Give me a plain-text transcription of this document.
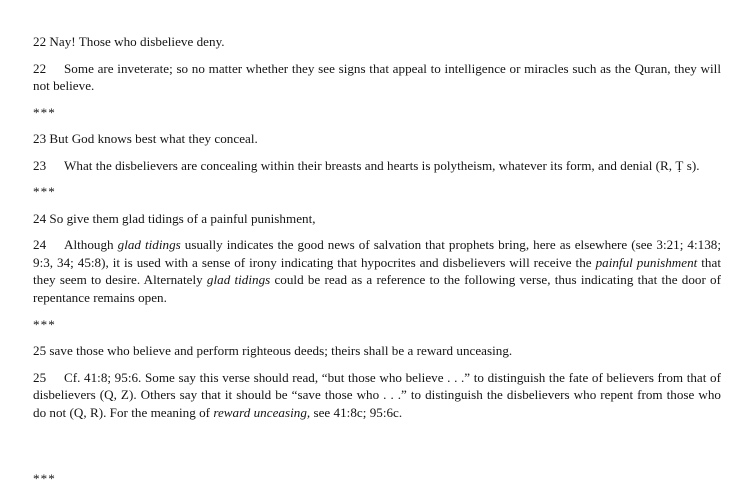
22 Nay! Those who disbelieve deny.

22 Some are inveterate; so no matter whether they see signs that appeal to intelligence or miracles such as the Quran, they will not believe.

***

23 But God knows best what they conceal.

23 What the disbelievers are concealing within their breasts and hearts is polytheism, whatever its form, and denial (R, Ṭ s).

***

24 So give them glad tidings of a painful punishment,

24 Although glad tidings usually indicates the good news of salvation that prophets bring, here as elsewhere (see 3:21; 4:138; 9:3, 34; 45:8), it is used with a sense of irony indicating that hypocrites and disbelievers will receive the painful punishment that they seem to desire. Alternately glad tidings could be read as a reference to the following verse, thus indicating that the door of repentance remains open.

***

25 save those who believe and perform righteous deeds; theirs shall be a reward unceasing.

25 Cf. 41:8; 95:6. Some say this verse should read, “but those who believe . . .” to distinguish the fate of believers from that of disbelievers (Q, Z). Others say that it should be “save those who . . .” to distinguish the disbelievers who repent from those who do not (Q, R). For the meaning of reward unceasing, see 41:8c; 95:6c.

***
